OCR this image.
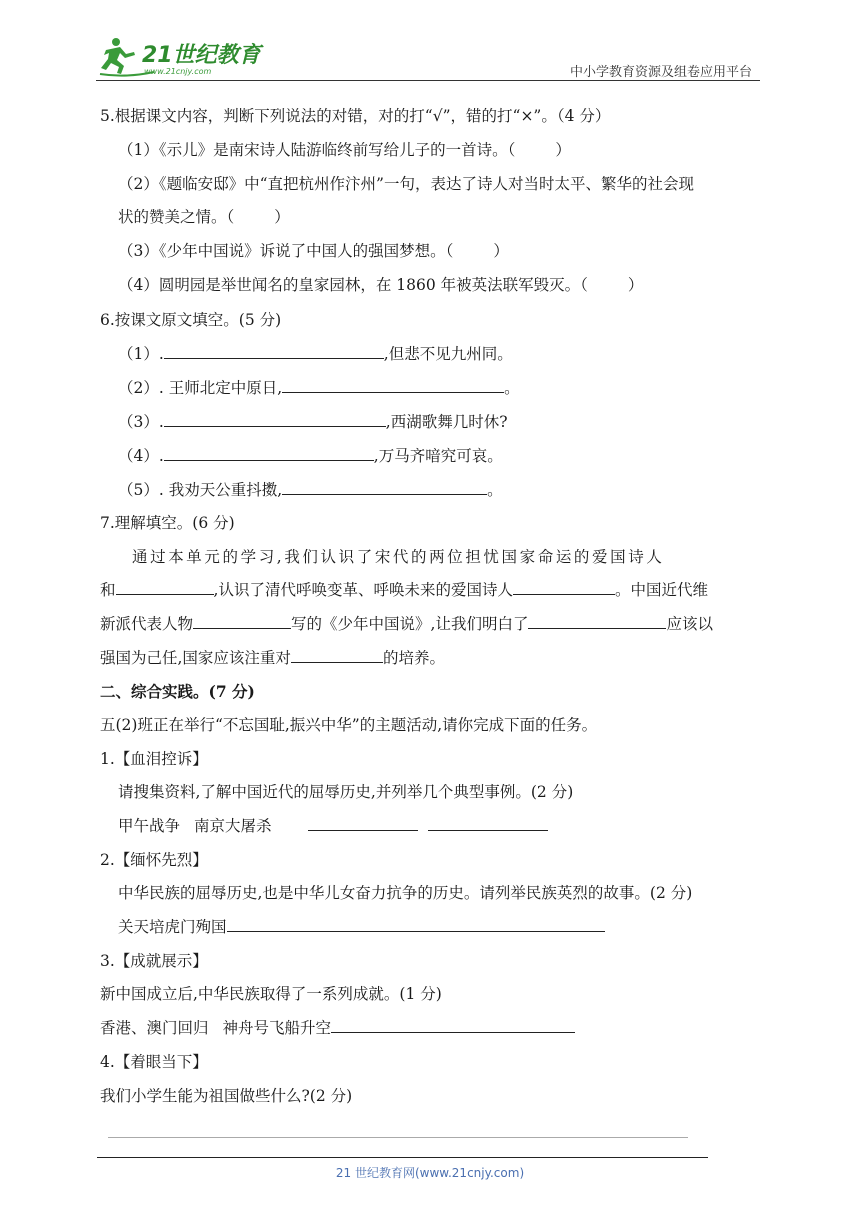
21世纪教育
www.21cnjy.com	中小学教育资源及组卷应用平台
5.根据课文内容，判断下列说法的对错，对的打“√”，错的打“×”。（4 分）
（1）《示儿》是南宋诗人陆游临终前写给儿子的一首诗。（	）
（2）《题临安邸》中“直把杭州作汴州”一句，表达了诗人对当时太平、繁华的社会现
状的赞美之情。（	）
（3）《少年中国说》诉说了中国人的强国梦想。（	）
（4）圆明园是举世闻名的皇家园林，在 1860 年被英法联军毁灭。（	）
6.按课文原文填空。(5 分)
（1）.	,但悲不见九州同。
（2）. 王师北定中原日,	。
（3）.	,西湖歌舞几时休?
（4）.	,万马齐喑究可哀。
（5）. 我劝天公重抖擞,	。
7.理解填空。(6 分)
通过本单元的学习,我们认识了宋代的两位担忧国家命运的爱国诗人
和	,认识了清代呼唤变革、呼唤未来的爱国诗人	。中国近代维
新派代表人物	写的《少年中国说》,让我们明白了	应该以
强国为己任,国家应该注重对	的培养。
二、综合实践。(7 分)
五(2)班正在举行“不忘国耻,振兴中华”的主题活动,请你完成下面的任务。
1.【血泪控诉】
请搜集资料,了解中国近代的屈辱历史,并列举几个典型事例。(2 分)
甲午战争 南京大屠杀
2.【缅怀先烈】
中华民族的屈辱历史,也是中华儿女奋力抗争的历史。请列举民族英烈的故事。(2 分)
关天培虎门殉国
3.【成就展示】
新中国成立后,中华民族取得了一系列成就。(1 分)
香港、澳门回归 神舟号飞船升空
4.【着眼当下】
我们小学生能为祖国做些什么?(2 分)
21 世纪教育网(www.21cnjy.com)
